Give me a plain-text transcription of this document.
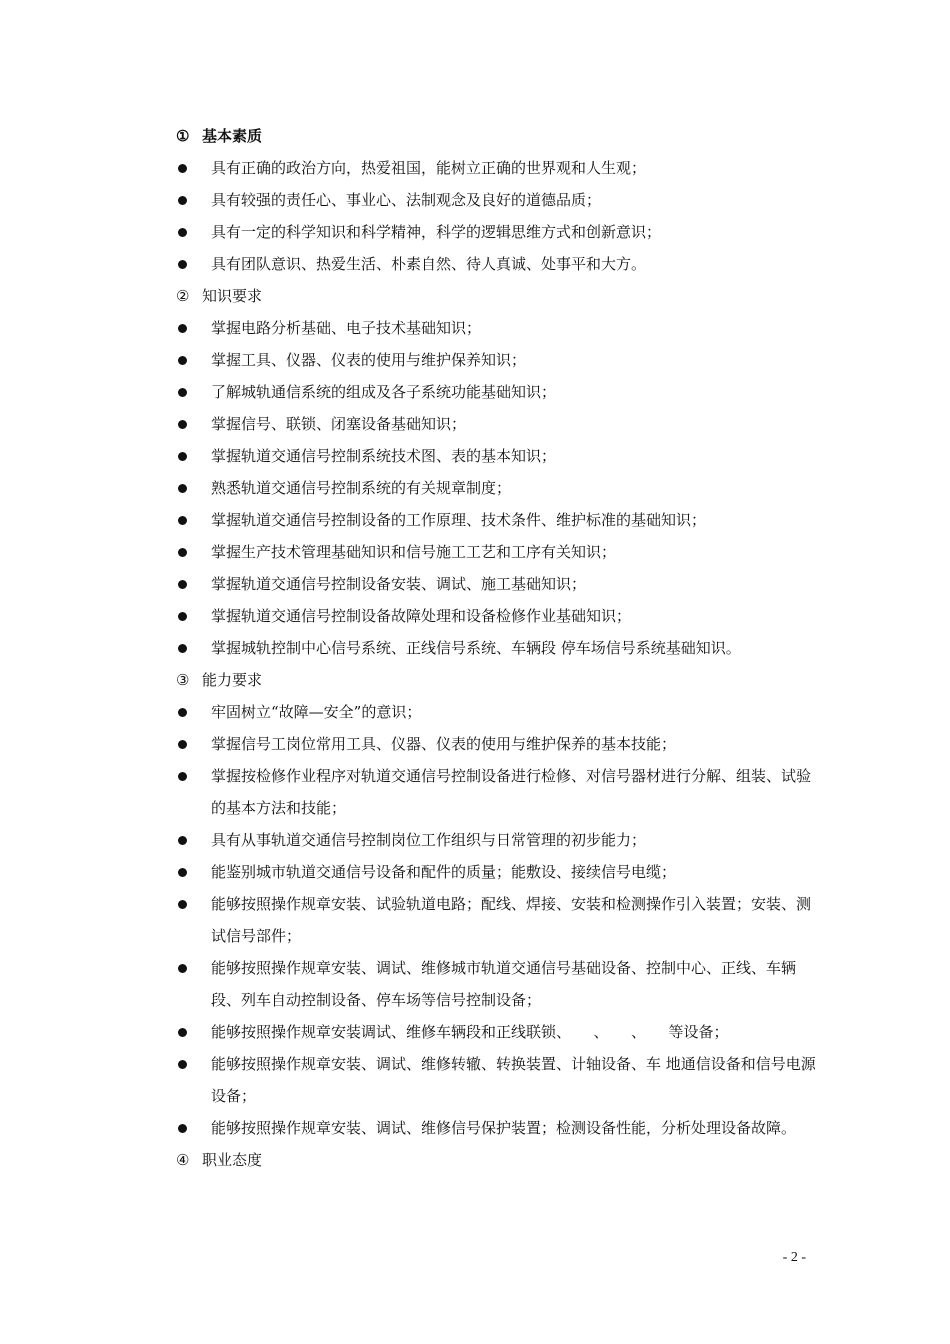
① 基本素质
具有正确的政治方向，热爱祖国，能树立正确的世界观和人生观；
具有较强的责任心、事业心、法制观念及良好的道德品质；
具有一定的科学知识和科学精神，科学的逻辑思维方式和创新意识；
具有团队意识、热爱生活、朴素自然、待人真诚、处事平和大方。
② 知识要求
掌握电路分析基础、电子技术基础知识；
掌握工具、仪器、仪表的使用与维护保养知识；
了解城轨通信系统的组成及各子系统功能基础知识；
掌握信号、联锁、闭塞设备基础知识；
掌握轨道交通信号控制系统技术图、表的基本知识；
熟悉轨道交通信号控制系统的有关规章制度；
掌握轨道交通信号控制设备的工作原理、技术条件、维护标准的基础知识；
掌握生产技术管理基础知识和信号施工工艺和工序有关知识；
掌握轨道交通信号控制设备安装、调试、施工基础知识；
掌握轨道交通信号控制设备故障处理和设备检修作业基础知识；
掌握城轨控制中心信号系统、正线信号系统、车辆段 停车场信号系统基础知识。
③ 能力要求
牢固树立“故障—安全”的意识；
掌握信号工岗位常用工具、仪器、仪表的使用与维护保养的基本技能；
掌握按检修作业程序对轨道交通信号控制设备进行检修、对信号器材进行分解、组装、试验的基本方法和技能；
具有从事轨道交通信号控制岗位工作组织与日常管理的初步能力；
能鉴别城市轨道交通信号设备和配件的质量；能敷设、接续信号电缆；
能够按照操作规章安装、试验轨道电路；配线、焊接、安装和检测操作引入装置；安装、测试信号部件；
能够按照操作规章安装、调试、维修城市轨道交通信号基础设备、控制中心、正线、车辆段、列车自动控制设备、停车场等信号控制设备；
能够按照操作规章安装调试、维修车辆段和正线联锁、　　、　　、　　等设备；
能够按照操作规章安装、调试、维修转辙、转换装置、计轴设备、车 地通信设备和信号电源设备；
能够按照操作规章安装、调试、维修信号保护装置；检测设备性能，分析处理设备故障。
④ 职业态度
- 2 -
